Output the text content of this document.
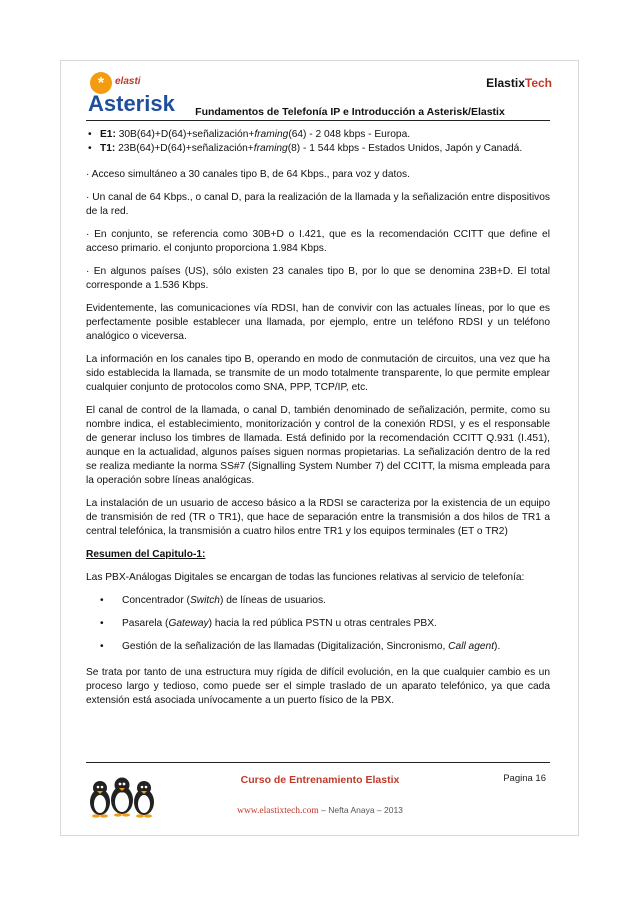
ElastixTech
* elasti
Asterisk	Fundamentos de Telefonía IP e Introducción a Asterisk/Elastix
• E1: 30B(64)+D(64)+señalización+framing(64) - 2 048 kbps - Europa.
• T1: 23B(64)+D(64)+señalización+framing(8) - 1 544 kbps - Estados Unidos, Japón y Canadá.

· Acceso simultáneo a 30 canales tipo B, de 64 Kbps., para voz y datos.

· Un canal de 64 Kbps., o canal D, para la realización de la llamada y la señalización entre dispositivos de la red.

· En conjunto, se referencia como 30B+D o I.421, que es la recomendación CCITT que define el acceso primario. el conjunto proporciona 1.984 Kbps.

· En algunos países (US), sólo existen 23 canales tipo B, por lo que se denomina 23B+D. El total corresponde a 1.536 Kbps.

Evidentemente, las comunicaciones vía RDSI, han de convivir con las actuales líneas, por lo que es perfectamente posible establecer una llamada, por ejemplo, entre un teléfono RDSI y un teléfono analógico o viceversa.

La información en los canales tipo B, operando en modo de conmutación de circuitos, una vez que ha sido establecida la llamada, se transmite de un modo totalmente transparente, lo que permite emplear cualquier conjunto de protocolos como SNA, PPP, TCP/IP, etc.

El canal de control de la llamada, o canal D, también denominado de señalización, permite, como su nombre indica, el establecimiento, monitorización y control de la conexión RDSI, y es el responsable de generar incluso los timbres de llamada. Está definido por la recomendación CCITT Q.931 (I.451), aunque en la actualidad, algunos países siguen normas propietarias. La señalización dentro de la red se realiza mediante la norma SS#7 (Signalling System Number 7) del CCITT, la misma empleada para la operación sobre líneas analógicas.

La instalación de un usuario de acceso básico a la RDSI se caracteriza por la existencia de un equipo de transmisión de red (TR o TR1), que hace de separación entre la transmisión a dos hilos de TR1 a central telefónica, la transmisión a cuatro hilos entre TR1 y los equipos terminales (ET o TR2)

Resumen del Capitulo-1:

Las PBX-Análogas Digitales se encargan de todas las funciones relativas al servicio de telefonía:

• Concentrador (Switch) de líneas de usuarios.
• Pasarela (Gateway) hacia la red pública PSTN u otras centrales PBX.
• Gestión de la señalización de las llamadas (Digitalización, Sincronismo, Call agent).

Se trata por tanto de una estructura muy rígida de difícil evolución, en la que cualquier cambio es un proceso largo y tedioso, como puede ser el simple traslado de un aparato telefónico, ya que cada extensión está asociada unívocamente a un puerto físico de la PBX.

Curso de Entrenamiento Elastix	Pagina 16
www.elastixtech.com – Nefta Anaya – 2013
